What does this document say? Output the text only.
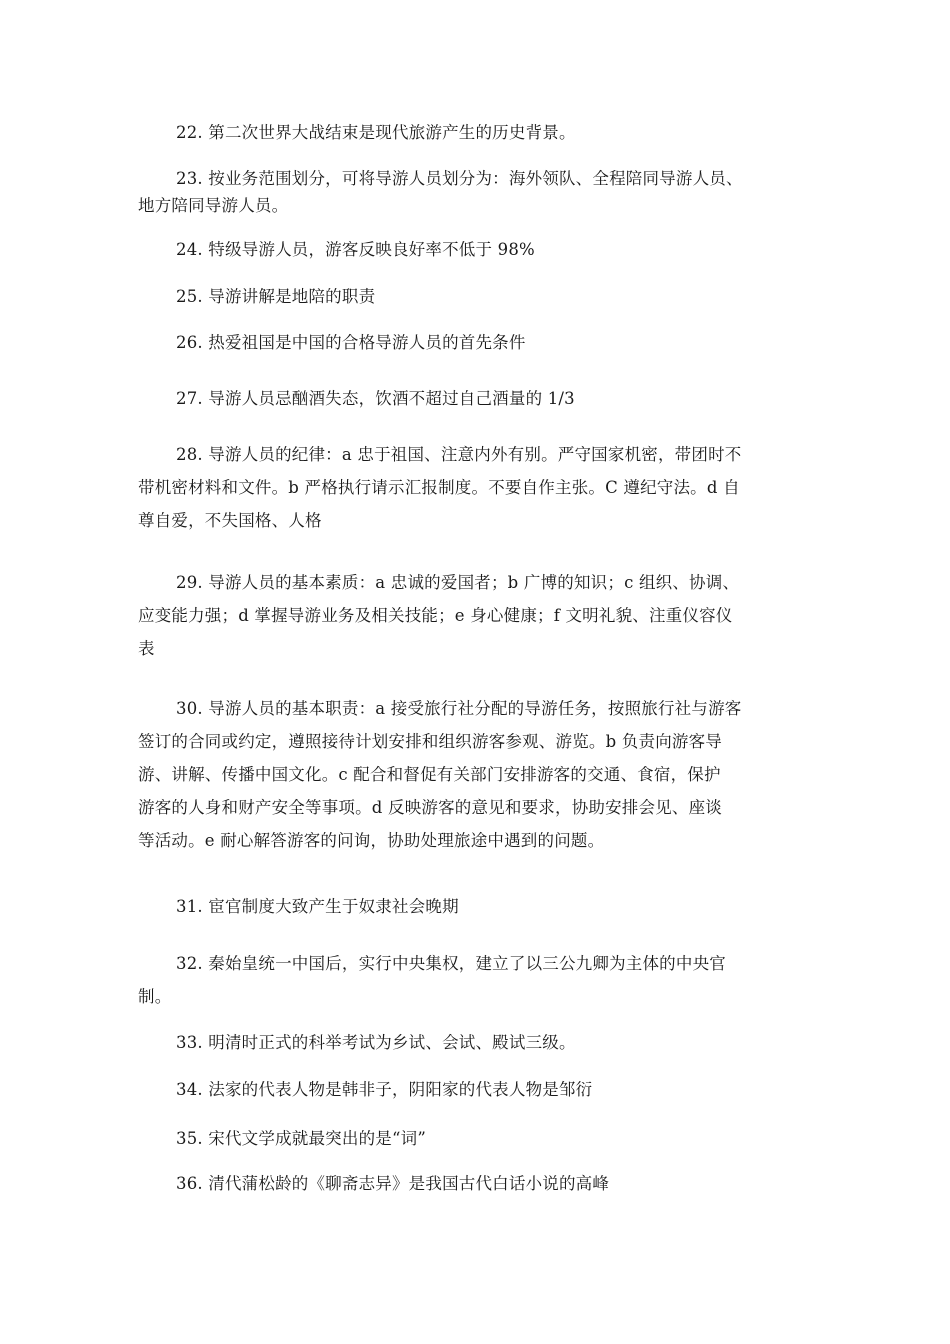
22. 第二次世界大战结束是现代旅游产生的历史背景。

23. 按业务范围划分，可将导游人员划分为：海外领队、全程陪同导游人员、
地方陪同导游人员。

24. 特级导游人员，游客反映良好率不低于 98%

25. 导游讲解是地陪的职责

26. 热爱祖国是中国的合格导游人员的首先条件

27. 导游人员忌酗酒失态，饮酒不超过自己酒量的 1/3

28. 导游人员的纪律：a 忠于祖国、注意内外有别。严守国家机密，带团时不
带机密材料和文件。b 严格执行请示汇报制度。不要自作主张。C 遵纪守法。d 自
尊自爱，不失国格、人格

29. 导游人员的基本素质：a 忠诚的爱国者；b 广博的知识；c 组织、协调、
应变能力强；d 掌握导游业务及相关技能；e 身心健康；f 文明礼貌、注重仪容仪
表

30. 导游人员的基本职责：a 接受旅行社分配的导游任务，按照旅行社与游客
签订的合同或约定，遵照接待计划安排和组织游客参观、游览。b 负责向游客导
游、讲解、传播中国文化。c 配合和督促有关部门安排游客的交通、食宿，保护
游客的人身和财产安全等事项。d 反映游客的意见和要求，协助安排会见、座谈
等活动。e 耐心解答游客的问询，协助处理旅途中遇到的问题。

31. 宦官制度大致产生于奴隶社会晚期

32. 秦始皇统一中国后，实行中央集权，建立了以三公九卿为主体的中央官
制。

33. 明清时正式的科举考试为乡试、会试、殿试三级。

34. 法家的代表人物是韩非子，阴阳家的代表人物是邹衍

35. 宋代文学成就最突出的是“词”

36. 清代蒲松龄的《聊斋志异》是我国古代白话小说的高峰
